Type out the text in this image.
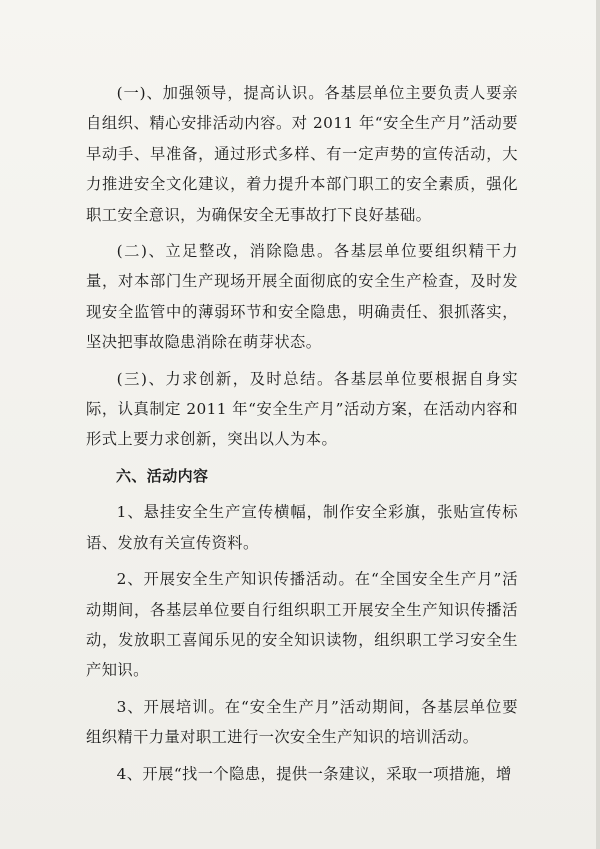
(一)、加强领导，提高认识。各基层单位主要负责人要亲自组织、精心安排活动内容。对 2011 年“安全生产月”活动要早动手、早准备，通过形式多样、有一定声势的宣传活动，大力推进安全文化建议，着力提升本部门职工的安全素质，强化职工安全意识，为确保安全无事故打下良好基础。

(二)、立足整改，消除隐患。各基层单位要组织精干力量，对本部门生产现场开展全面彻底的安全生产检查，及时发现安全监管中的薄弱环节和安全隐患，明确责任、狠抓落实，坚决把事故隐患消除在萌芽状态。

(三)、力求创新，及时总结。各基层单位要根据自身实际，认真制定 2011 年“安全生产月”活动方案，在活动内容和形式上要力求创新，突出以人为本。

六、活动内容

1、悬挂安全生产宣传横幅，制作安全彩旗，张贴宣传标语、发放有关宣传资料。

2、开展安全生产知识传播活动。在“全国安全生产月”活动期间，各基层单位要自行组织职工开展安全生产知识传播活动，发放职工喜闻乐见的安全知识读物，组织职工学习安全生产知识。

3、开展培训。在“安全生产月”活动期间，各基层单位要组织精干力量对职工进行一次安全生产知识的培训活动。

4、开展“找一个隐患，提供一条建议，采取一项措施，增
